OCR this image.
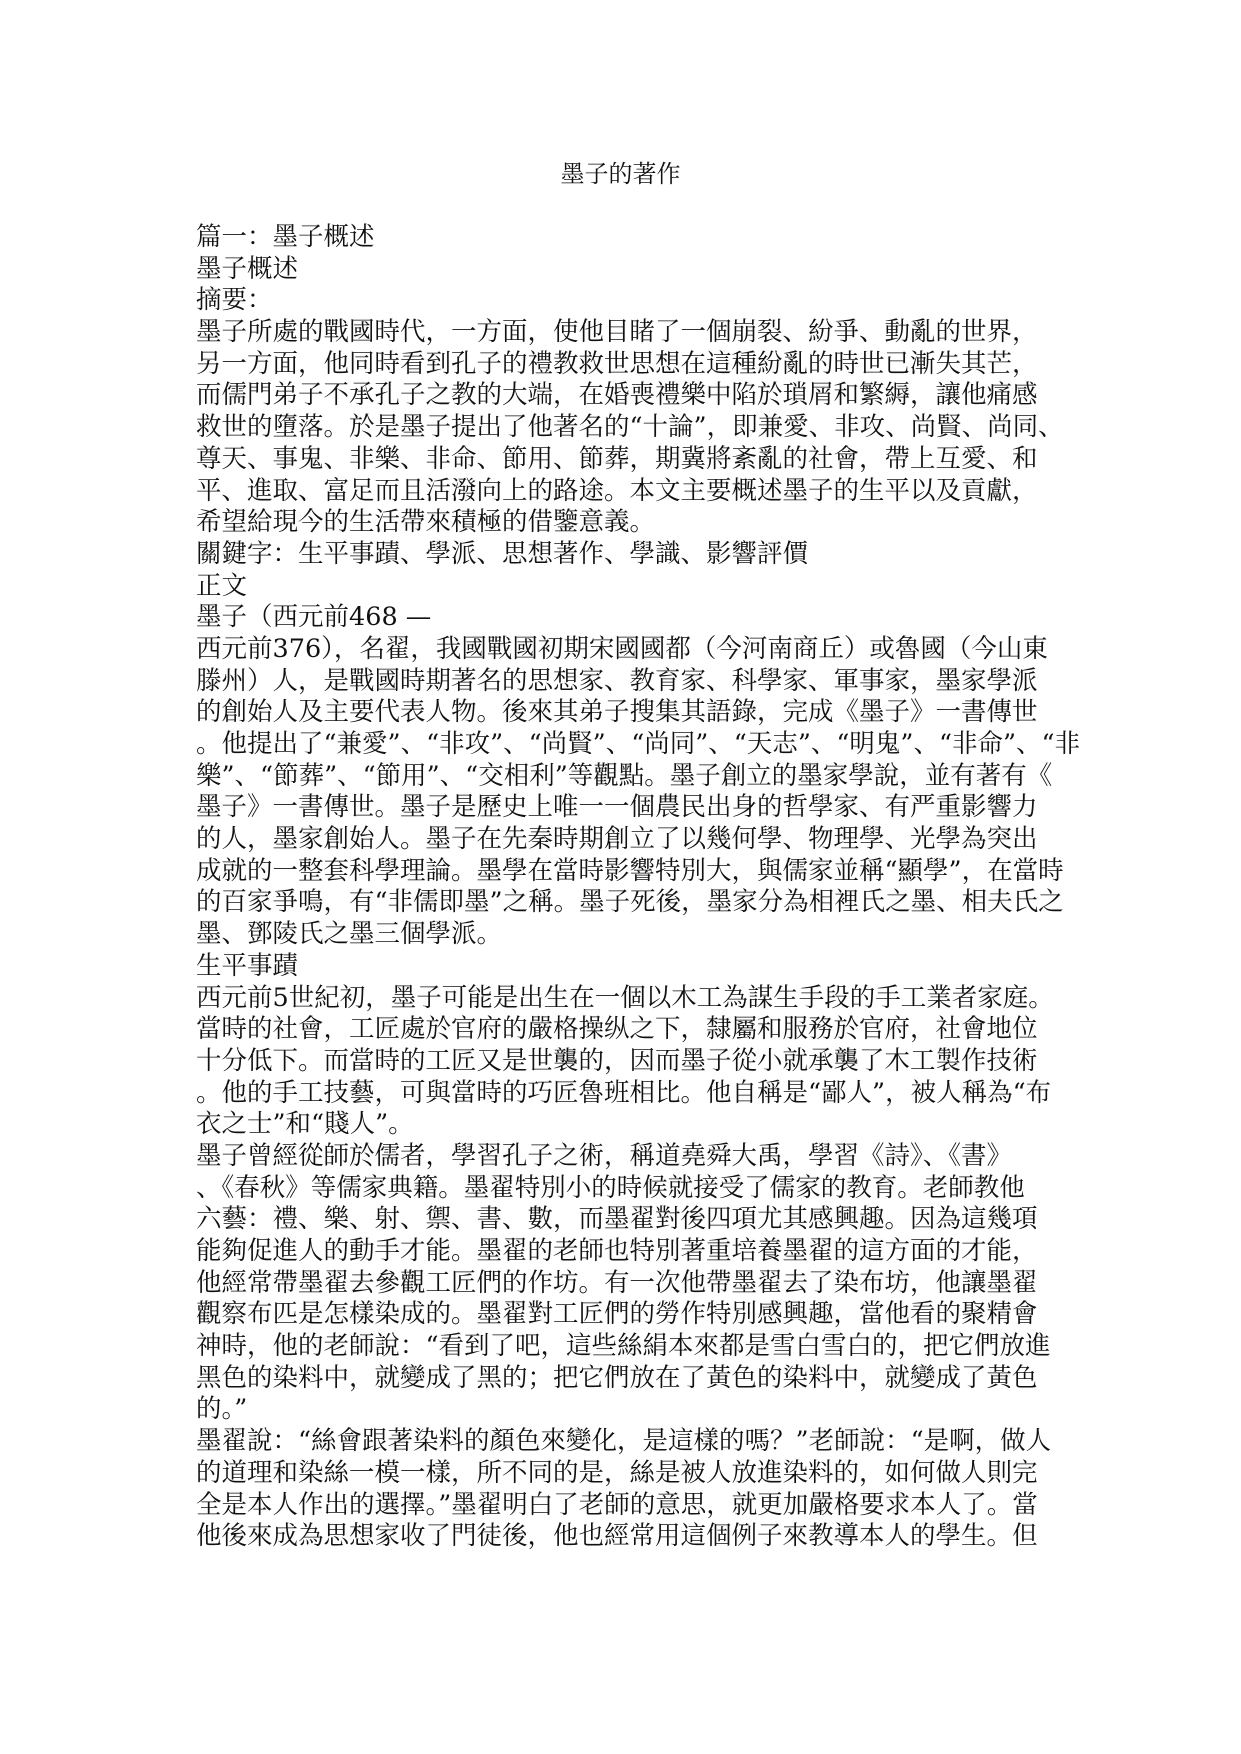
墨子的著作
篇一：墨子概述
墨子概述
摘要：
墨子所處的戰國時代，一方面，使他目睹了一個崩裂、紛爭、動亂的世界，
另一方面，他同時看到孔子的禮教救世思想在這種紛亂的時世已漸失其芒，
而儒門弟子不承孔子之教的大端，在婚喪禮樂中陷於瑣屑和繁縟，讓他痛感
救世的墮落。於是墨子提出了他著名的“十論”，即兼愛、非攻、尚賢、尚同、
尊天、事鬼、非樂、非命、節用、節葬，期冀將紊亂的社會，帶上互愛、和
平、進取、富足而且活潑向上的路途。本文主要概述墨子的生平以及貢獻，
希望給現今的生活帶來積極的借鑒意義。
關鍵字：生平事蹟、學派、思想著作、學識、影響評價
正文
墨子（西元前468 —
西元前376），名翟，我國戰國初期宋國國都（今河南商丘）或魯國（今山東
滕州）人，是戰國時期著名的思想家、教育家、科學家、軍事家，墨家學派
的創始人及主要代表人物。後來其弟子搜集其語錄，完成《墨子》一書傳世
。他提出了“兼愛”、“非攻”、“尚賢”、“尚同”、“天志”、“明鬼”、“非命”、“非
樂”、“節葬”、“節用”、“交相利”等觀點。墨子創立的墨家學說，並有著有《
墨子》一書傳世。墨子是歷史上唯一一個農民出身的哲學家、有严重影響力
的人，墨家創始人。墨子在先秦時期創立了以幾何學、物理學、光學為突出
成就的一整套科學理論。墨學在當時影響特別大，與儒家並稱“顯學”，在當時
的百家爭鳴，有“非儒即墨”之稱。墨子死後，墨家分為相裡氏之墨、相夫氏之
墨、鄧陵氏之墨三個學派。
生平事蹟
西元前5世紀初，墨子可能是出生在一個以木工為謀生手段的手工業者家庭。
當時的社會，工匠處於官府的嚴格操纵之下，隸屬和服務於官府，社會地位
十分低下。而當時的工匠又是世襲的，因而墨子從小就承襲了木工製作技術
。他的手工技藝，可與當時的巧匠魯班相比。他自稱是“鄙人”，被人稱為“布
衣之士”和“賤人”。
墨子曾經從師於儒者，學習孔子之術，稱道堯舜大禹，學習《詩》、《書》
、《春秋》等儒家典籍。墨翟特別小的時候就接受了儒家的教育。老師教他
六藝：禮、樂、射、禦、書、數，而墨翟對後四項尤其感興趣。因為這幾項
能夠促進人的動手才能。墨翟的老師也特別著重培養墨翟的這方面的才能，
他經常帶墨翟去參觀工匠們的作坊。有一次他帶墨翟去了染布坊，他讓墨翟
觀察布匹是怎樣染成的。墨翟對工匠們的勞作特別感興趣，當他看的聚精會
神時，他的老師說：“看到了吧，這些絲絹本來都是雪白雪白的，把它們放進
黑色的染料中，就變成了黑的；把它們放在了黃色的染料中，就變成了黃色
的。”
墨翟說：“絲會跟著染料的顏色來變化，是這樣的嗎？”老師說：“是啊，做人
的道理和染絲一模一樣，所不同的是，絲是被人放進染料的，如何做人則完
全是本人作出的選擇。”墨翟明白了老師的意思，就更加嚴格要求本人了。當
他後來成為思想家收了門徒後，他也經常用這個例子來教導本人的學生。但
